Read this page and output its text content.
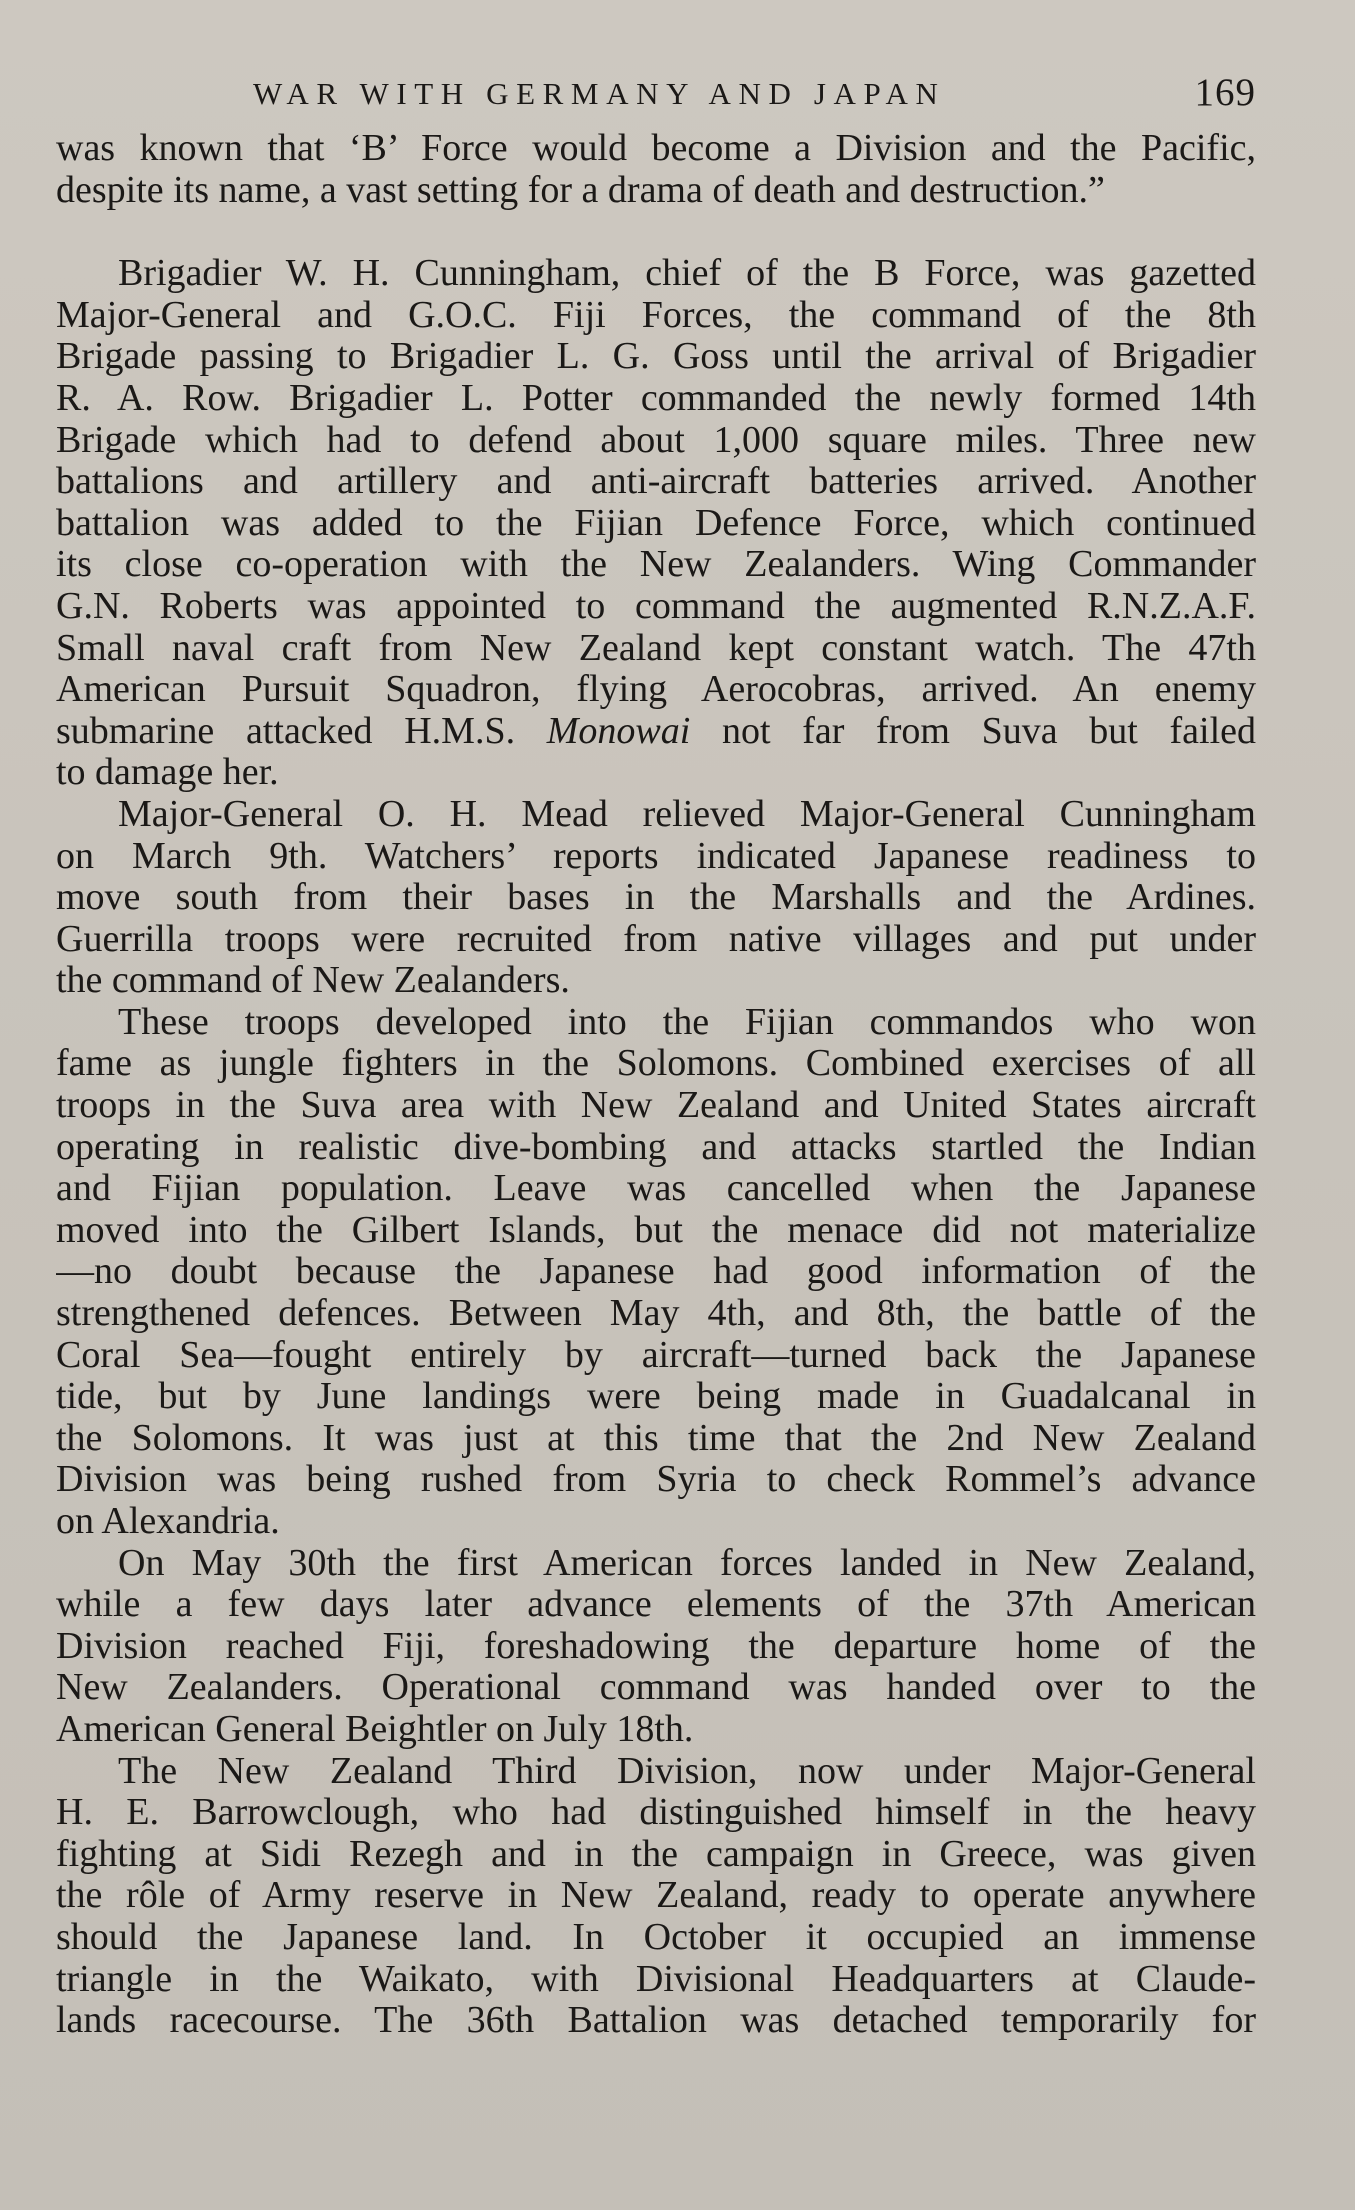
WAR WITH GERMANY AND JAPAN	169
was known that ‘B’ Force would become a Division and the Pacific,
despite its name, a vast setting for a drama of death and destruction.”
Brigadier W. H. Cunningham, chief of the B Force, was gazetted
Major-General and G.O.C. Fiji Forces, the command of the 8th
Brigade passing to Brigadier L. G. Goss until the arrival of Brigadier
R. A. Row. Brigadier L. Potter commanded the newly formed 14th
Brigade which had to defend about 1,000 square miles. Three new
battalions and artillery and anti-aircraft batteries arrived. Another
battalion was added to the Fijian Defence Force, which continued
its close co-operation with the New Zealanders. Wing Commander
G.N. Roberts was appointed to command the augmented R.N.Z.A.F.
Small naval craft from New Zealand kept constant watch. The 47th
American Pursuit Squadron, flying Aerocobras, arrived. An enemy
submarine attacked H.M.S. Monowai not far from Suva but failed
to damage her.
Major-General O. H. Mead relieved Major-General Cunningham
on March 9th. Watchers’ reports indicated Japanese readiness to
move south from their bases in the Marshalls and the Ardines.
Guerrilla troops were recruited from native villages and put under
the command of New Zealanders.
These troops developed into the Fijian commandos who won
fame as jungle fighters in the Solomons. Combined exercises of all
troops in the Suva area with New Zealand and United States aircraft
operating in realistic dive-bombing and attacks startled the Indian
and Fijian population. Leave was cancelled when the Japanese
moved into the Gilbert Islands, but the menace did not materialize
—no doubt because the Japanese had good information of the
strengthened defences. Between May 4th, and 8th, the battle of the
Coral Sea—fought entirely by aircraft—turned back the Japanese
tide, but by June landings were being made in Guadalcanal in
the Solomons. It was just at this time that the 2nd New Zealand
Division was being rushed from Syria to check Rommel’s advance
on Alexandria.
On May 30th the first American forces landed in New Zealand,
while a few days later advance elements of the 37th American
Division reached Fiji, foreshadowing the departure home of the
New Zealanders. Operational command was handed over to the
American General Beightler on July 18th.
The New Zealand Third Division, now under Major-General
H. E. Barrowclough, who had distinguished himself in the heavy
fighting at Sidi Rezegh and in the campaign in Greece, was given
the rôle of Army reserve in New Zealand, ready to operate anywhere
should the Japanese land. In October it occupied an immense
triangle in the Waikato, with Divisional Headquarters at Claude-
lands racecourse. The 36th Battalion was detached temporarily for
